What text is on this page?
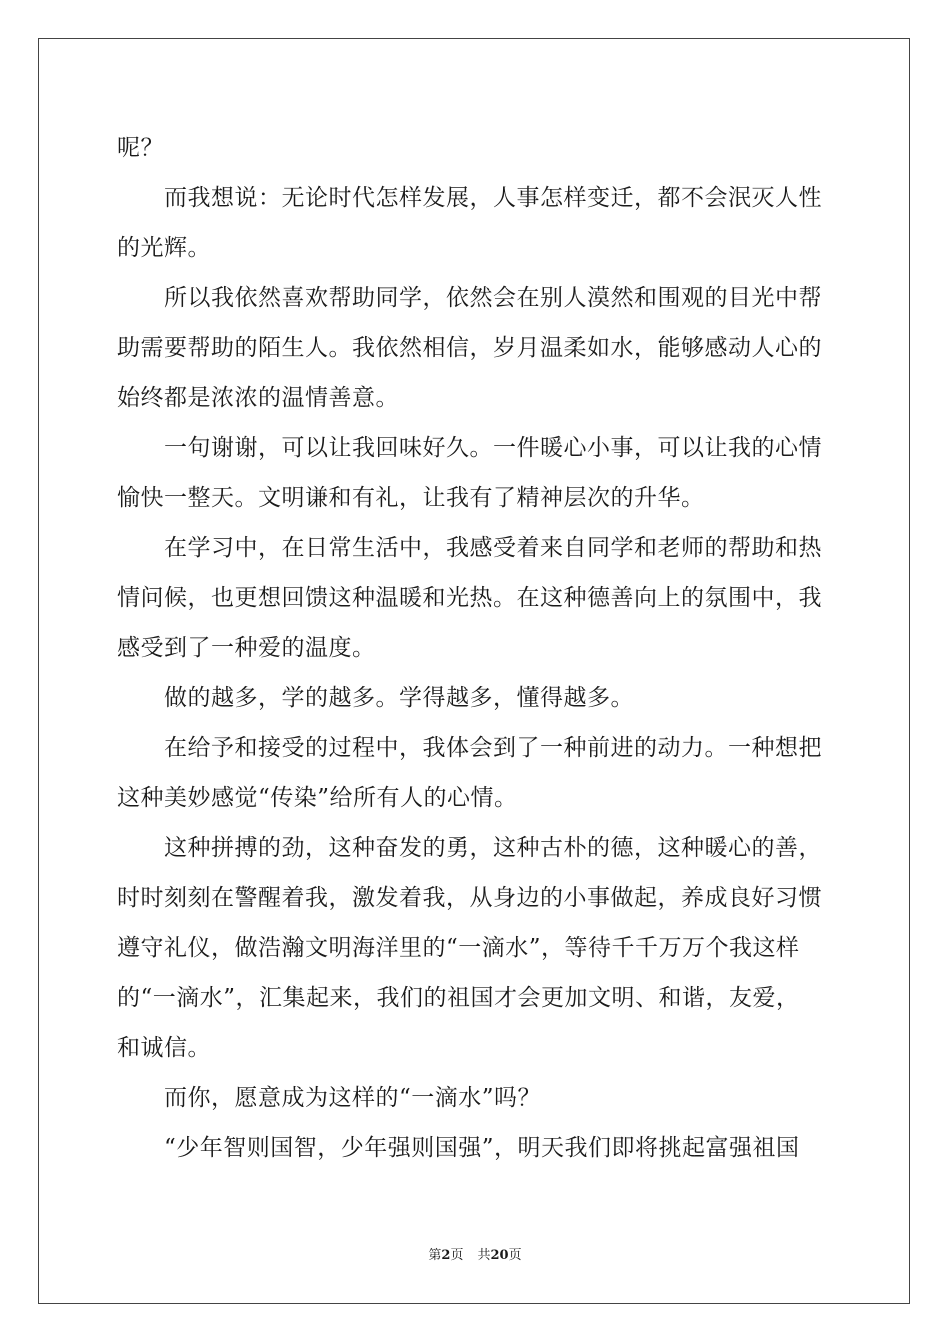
呢？
　　而我想说：无论时代怎样发展，人事怎样变迁，都不会泯灭人性
的光辉。
　　所以我依然喜欢帮助同学，依然会在别人漠然和围观的目光中帮
助需要帮助的陌生人。我依然相信，岁月温柔如水，能够感动人心的
始终都是浓浓的温情善意。
　　一句谢谢，可以让我回味好久。一件暖心小事，可以让我的心情
愉快一整天。文明谦和有礼，让我有了精神层次的升华。
　　在学习中，在日常生活中，我感受着来自同学和老师的帮助和热
情问候，也更想回馈这种温暖和光热。在这种德善向上的氛围中，我
感受到了一种爱的温度。
　　做的越多，学的越多。学得越多，懂得越多。
　　在给予和接受的过程中，我体会到了一种前进的动力。一种想把
这种美妙感觉“传染”给所有人的心情。
　　这种拼搏的劲，这种奋发的勇，这种古朴的德，这种暖心的善，
时时刻刻在警醒着我，激发着我，从身边的小事做起，养成良好习惯
遵守礼仪，做浩瀚文明海洋里的“一滴水”，等待千千万万个我这样
的“一滴水”，汇集起来，我们的祖国才会更加文明、和谐，友爱，
和诚信。
　　而你，愿意成为这样的“一滴水”吗？
　　“少年智则国智，少年强则国强”，明天我们即将挑起富强祖国
第2页 共20页
